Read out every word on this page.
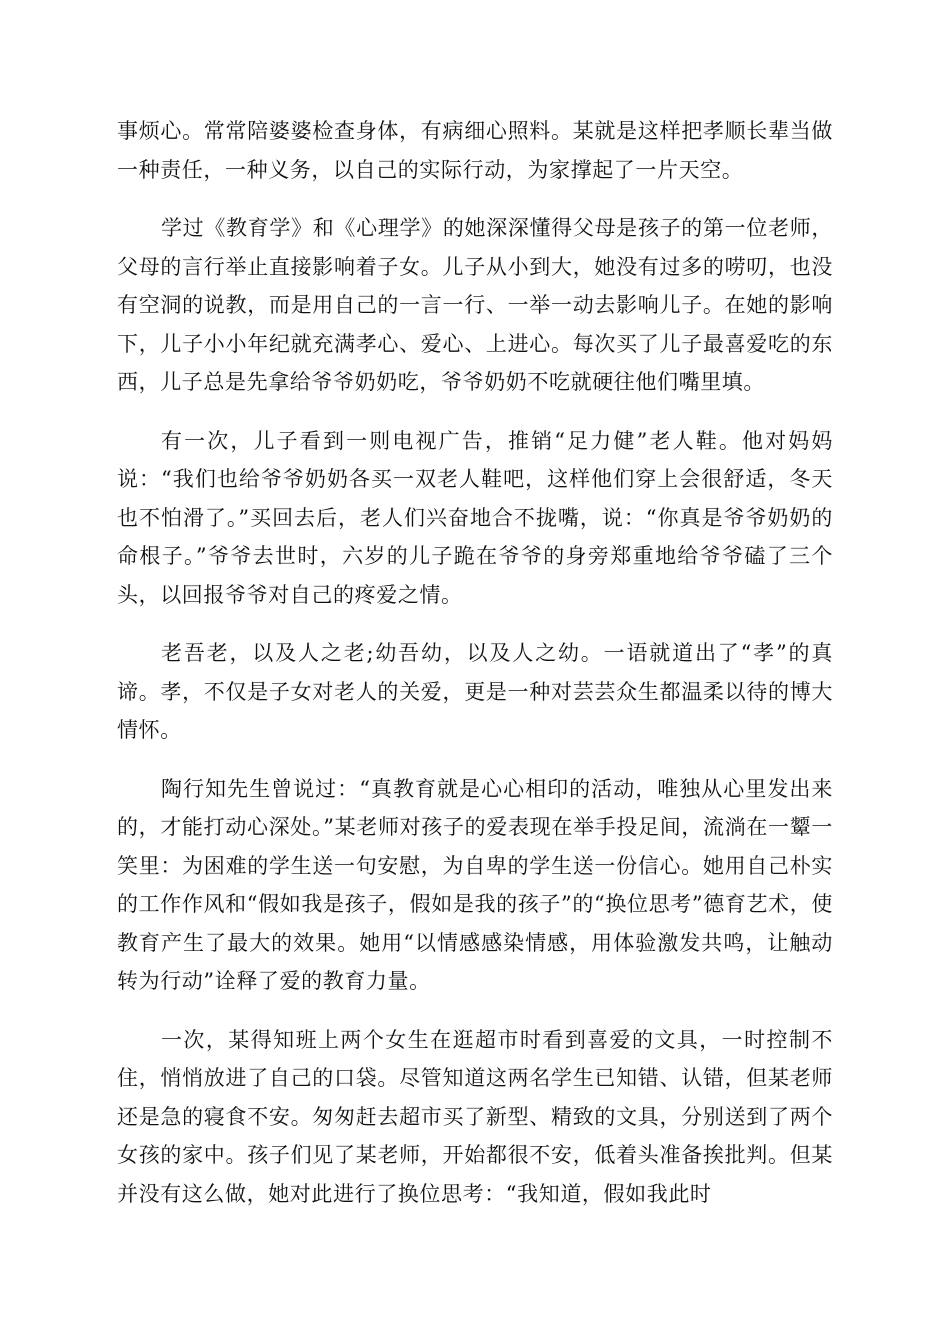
事烦心。常常陪婆婆检查身体，有病细心照料。某就是这样把孝顺长辈当做一种责任，一种义务，以自己的实际行动，为家撑起了一片天空。

学过《教育学》和《心理学》的她深深懂得父母是孩子的第一位老师，父母的言行举止直接影响着子女。儿子从小到大，她没有过多的唠叨，也没有空洞的说教，而是用自己的一言一行、一举一动去影响儿子。在她的影响下，儿子小小年纪就充满孝心、爱心、上进心。每次买了儿子最喜爱吃的东西，儿子总是先拿给爷爷奶奶吃，爷爷奶奶不吃就硬往他们嘴里填。

有一次，儿子看到一则电视广告，推销“足力健”老人鞋。他对妈妈说：“我们也给爷爷奶奶各买一双老人鞋吧，这样他们穿上会很舒适，冬天也不怕滑了。”买回去后，老人们兴奋地合不拢嘴，说：“你真是爷爷奶奶的命根子。”爷爷去世时，六岁的儿子跪在爷爷的身旁郑重地给爷爷磕了三个头，以回报爷爷对自己的疼爱之情。

老吾老，以及人之老;幼吾幼，以及人之幼。一语就道出了“孝”的真谛。孝，不仅是子女对老人的关爱，更是一种对芸芸众生都温柔以待的博大情怀。

陶行知先生曾说过：“真教育就是心心相印的活动，唯独从心里发出来的，才能打动心深处。”某老师对孩子的爱表现在举手投足间，流淌在一颦一笑里：为困难的学生送一句安慰，为自卑的学生送一份信心。她用自己朴实的工作作风和“假如我是孩子，假如是我的孩子”的“换位思考”德育艺术，使教育产生了最大的效果。她用“以情感感染情感，用体验激发共鸣，让触动转为行动”诠释了爱的教育力量。

一次，某得知班上两个女生在逛超市时看到喜爱的文具，一时控制不住，悄悄放进了自己的口袋。尽管知道这两名学生已知错、认错，但某老师还是急的寝食不安。匆匆赶去超市买了新型、精致的文具，分别送到了两个女孩的家中。孩子们见了某老师，开始都很不安，低着头准备挨批判。但某并没有这么做，她对此进行了换位思考：“我知道，假如我此时
